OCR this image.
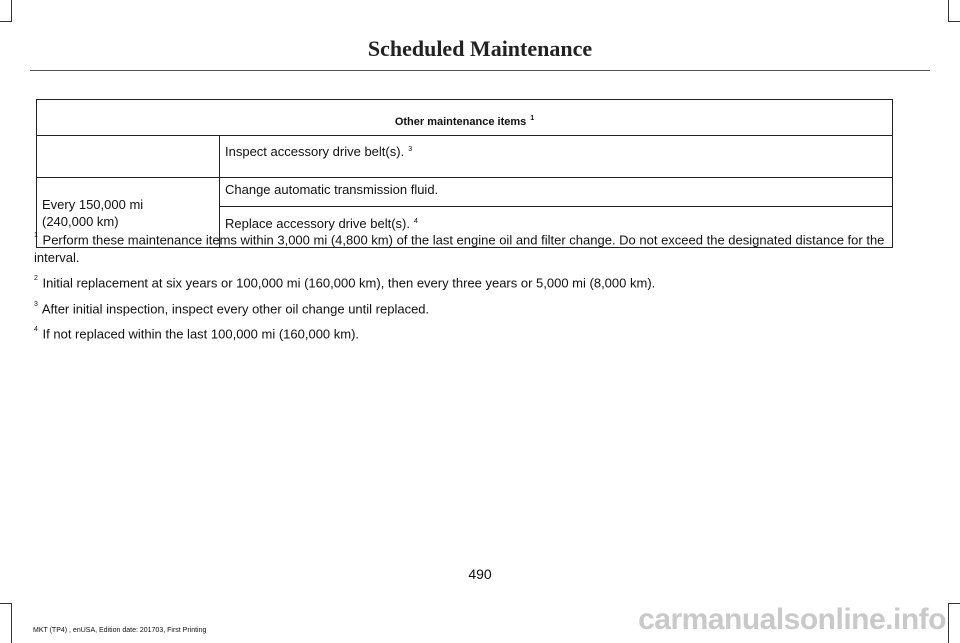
Scheduled Maintenance
Other maintenance items $^1$
	Inspect accessory drive belt(s). $^3$

Every 150,000 mi
(240,000 km)	Change automatic transmission fluid.
	Replace accessory drive belt(s). $^4$
$^1$ Perform these maintenance items within 3,000 mi (4,800 km) of the last engine oil and filter change. Do not exceed the designated distance for the interval.
$^2$ Initial replacement at six years or 100,000 mi (160,000 km), then every three years or 5,000 mi (8,000 km).
$^3$ After initial inspection, inspect every other oil change until replaced.
$^4$ If not replaced within the last 100,000 mi (160,000 km).
490
MKT (TP4) , enUSA, Edition date: 201703, First Printing	carmanualsonline.info
